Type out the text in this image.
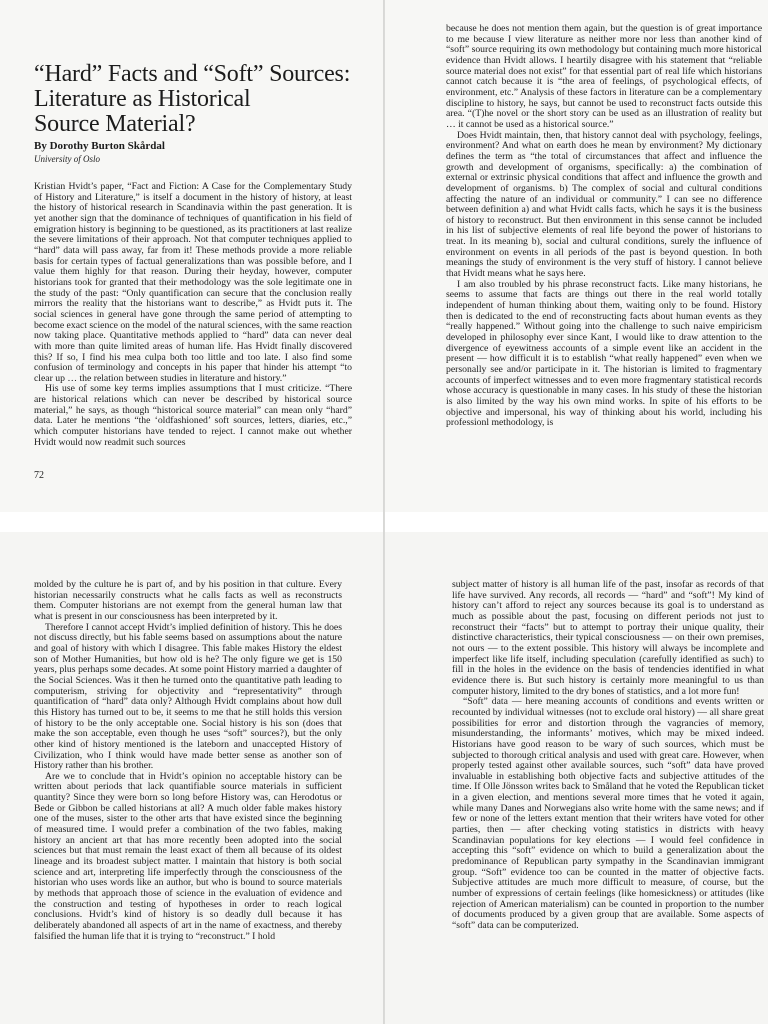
“Hard” Facts and “Soft” Sources:
Literature as Historical
Source Material?
By Dorothy Burton Skårdal
University of Oslo

Kristian Hvidt’s paper, “Fact and Fiction: A Case for the Complementary Study of History and Literature,” is itself a document in the history of history, at least the history of historical research in Scandinavia within the past generation. It is yet another sign that the dominance of techniques of quantification in his field of emigration history is beginning to be questioned, as its practitioners at last realize the severe limitations of their approach. Not that computer techniques applied to “hard” data will pass away, far from it! These methods provide a more reliable basis for certain types of factual generalizations than was possible before, and I value them highly for that reason. During their heyday, however, computer historians took for granted that their methodology was the sole legitimate one in the study of the past: “Only quantification can secure that the conclusion really mirrors the reality that the historians want to describe,” as Hvidt puts it. The social sciences in general have gone through the same period of attempting to become exact science on the model of the natural sciences, with the same reaction now taking place. Quantitative methods applied to “hard” data can never deal with more than quite limited areas of human life. Has Hvidt finally discovered this? If so, I find his mea culpa both too little and too late. I also find some confusion of terminology and concepts in his paper that hinder his attempt “to clear up … the relation between studies in literature and history.”

His use of some key terms implies assumptions that I must criticize. “There are historical relations which can never be described by historical source material,” he says, as though “historical source material” can mean only “hard” data. Later he mentions “the ‘oldfashioned’ soft sources, letters, diaries, etc.,” which computer historians have tended to reject. I cannot make out whether Hvidt would now readmit such sources

72

because he does not mention them again, but the question is of great importance to me because I view literature as neither more nor less than another kind of “soft” source requiring its own methodology but containing much more historical evidence than Hvidt allows. I heartily disagree with his statement that “reliable source material does not exist” for that essential part of real life which historians cannot catch because it is “the area of feelings, of psychological effects, of environment, etc.” Analysis of these factors in literature can be a complementary discipline to history, he says, but cannot be used to reconstruct facts outside this area. “(T)he novel or the short story can be used as an illustration of reality but … it cannot be used as a historical source.”

Does Hvidt maintain, then, that history cannot deal with psychology, feelings, environment? And what on earth does he mean by environment? My dictionary defines the term as “the total of circumstances that affect and influence the growth and development of organisms, specifically: a) the combination of external or extrinsic physical conditions that affect and influence the growth and development of organisms. b) The complex of social and cultural conditions affecting the nature of an individual or community.” I can see no difference between definition a) and what Hvidt calls facts, which he says it is the business of history to reconstruct. But then environment in this sense cannot be included in his list of subjective elements of real life beyond the power of historians to treat. In its meaning b), social and cultural conditions, surely the influence of environment on events in all periods of the past is beyond question. In both meanings the study of environment is the very stuff of history. I cannot believe that Hvidt means what he says here.

I am also troubled by his phrase reconstruct facts. Like many historians, he seems to assume that facts are things out there in the real world totally independent of human thinking about them, waiting only to be found. History then is dedicated to the end of reconstructing facts about human events as they “really happened.” Without going into the challenge to such naive empiricism developed in philosophy ever since Kant, I would like to draw attention to the divergence of eyewitness accounts of a simple event like an accident in the present — how difficult it is to establish “what really happened” even when we personally see and/or participate in it. The historian is limited to fragmentary accounts of imperfect witnesses and to even more fragmentary statistical records whose accuracy is questionable in many cases. In his study of these the historian is also limited by the way his own mind works. In spite of his efforts to be objective and impersonal, his way of thinking about his world, including his professionl methodology, is

molded by the culture he is part of, and by his position in that culture. Every historian necessarily constructs what he calls facts as well as reconstructs them. Computer historians are not exempt from the general human law that what is present in our consciousness has been interpreted by it.

Therefore I cannot accept Hvidt’s implied definition of history. This he does not discuss directly, but his fable seems based on assumptions about the nature and goal of history with which I disagree. This fable makes History the eldest son of Mother Humanities, but how old is he? The only figure we get is 150 years, plus perhaps some decades. At some point History married a daughter of the Social Sciences. Was it then he turned onto the quantitative path leading to computerism, striving for objectivity and “representativity” through quantification of “hard” data only? Although Hvidt complains about how dull this History has turned out to be, it seems to me that he still holds this version of history to be the only acceptable one. Social history is his son (does that make the son acceptable, even though he uses “soft” sources?), but the only other kind of history mentioned is the lateborn and unaccepted History of Civilization, who I think would have made better sense as another son of History rather than his brother.

Are we to conclude that in Hvidt’s opinion no acceptable history can be written about periods that lack quantifiable source materials in sufficient quantity? Since they were born so long before History was, can Herodotus or Bede or Gibbon be called historians at all? A much older fable makes history one of the muses, sister to the other arts that have existed since the beginning of measured time. I would prefer a combination of the two fables, making history an ancient art that has more recently been adopted into the social sciences but that must remain the least exact of them all because of its oldest lineage and its broadest subject matter. I maintain that history is both social science and art, interpreting life imperfectly through the consciousness of the historian who uses words like an author, but who is bound to source materials by methods that approach those of science in the evaluation of evidence and the construction and testing of hypotheses in order to reach logical conclusions. Hvidt’s kind of history is so deadly dull because it has deliberately abandoned all aspects of art in the name of exactness, and thereby falsified the human life that it is trying to “reconstruct.” I hold

subject matter of history is all human life of the past, insofar as records of that life have survived. Any records, all records — “hard” and “soft”! My kind of history can’t afford to reject any sources because its goal is to understand as much as possible about the past, focusing on different periods not just to reconstruct their “facts” but to attempt to portray their unique quality, their distinctive characteristics, their typical consciousness — on their own premises, not ours — to the extent possible. This history will always be incomplete and imperfect like life itself, including speculation (carefully identified as such) to fill in the holes in the evidence on the basis of tendencies identified in what evidence there is. But such history is certainly more meaningful to us than computer history, limited to the dry bones of statistics, and a lot more fun!

“Soft” data — here meaning accounts of conditions and events written or recounted by individual witnesses (not to exclude oral history) — all share great possibilities for error and distortion through the vagrancies of memory, misunderstanding, the informants’ motives, which may be mixed indeed. Historians have good reason to be wary of such sources, which must be subjected to thorough critical analysis and used with great care. However, when properly tested against other available sources, such “soft” data have proved invaluable in establishing both objective facts and subjective attitudes of the time. If Olle Jönsson writes back to Småland that he voted the Republican ticket in a given election, and mentions several more times that he voted it again, while many Danes and Norwegians also write home with the same news; and if few or none of the letters extant mention that their writers have voted for other parties, then — after checking voting statistics in districts with heavy Scandinavian populations for key elections — I would feel confidence in accepting this “soft” evidence on which to build a generalization about the predominance of Republican party sympathy in the Scandinavian immigrant group. “Soft” evidence too can be counted in the matter of objective facts. Subjective attitudes are much more difficult to measure, of course, but the number of expressions of certain feelings (like homesickness) or attitudes (like rejection of American materialism) can be counted in proportion to the number of documents produced by a given group that are available. Some aspects of “soft” data can be computerized.
